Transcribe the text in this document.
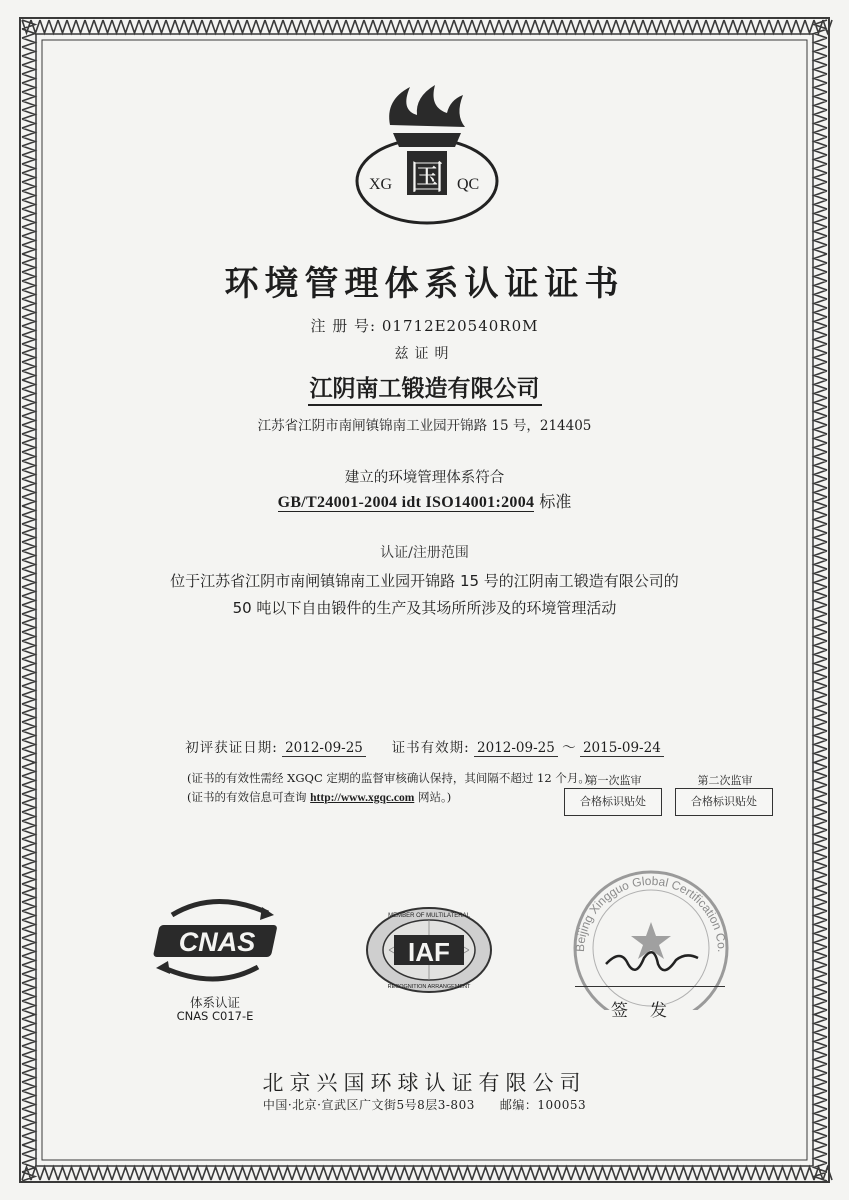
国
XG	QC
环境管理体系认证证书
注 册 号: 01712E20540R0M
兹证明
江阴南工锻造有限公司
江苏省江阴市南闸镇锦南工业园开锦路 15 号，214405
建立的环境管理体系符合
GB/T24001-2004 idt ISO14001:2004 标准
认证/注册范围
位于江苏省江阴市南闸镇锦南工业园开锦路 15 号的江阴南工锻造有限公司的
50 吨以下自由锻件的生产及其场所所涉及的环境管理活动
初评获证日期: 2012-09-25 证书有效期: 2012-09-25 ～ 2015-09-24
(证书的有效性需经 XGQC 定期的监督审核确认保持，其间隔不超过 12 个月。)
(证书的有效信息可查询 http://www.xgqc.com 网站。)
第一次监审
合格标识贴处
第二次监审
合格标识贴处
CNAS
体系认证
CNAS C017-E
IAF
MEMBER OF MULTILATERAL
RECOGNITION ARRANGEMENT
Beijing Xingguo Global Certification Co.
签发
北京兴国环球认证有限公司
中国·北京·宣武区广文街5号8层3-803　　邮编：100053
